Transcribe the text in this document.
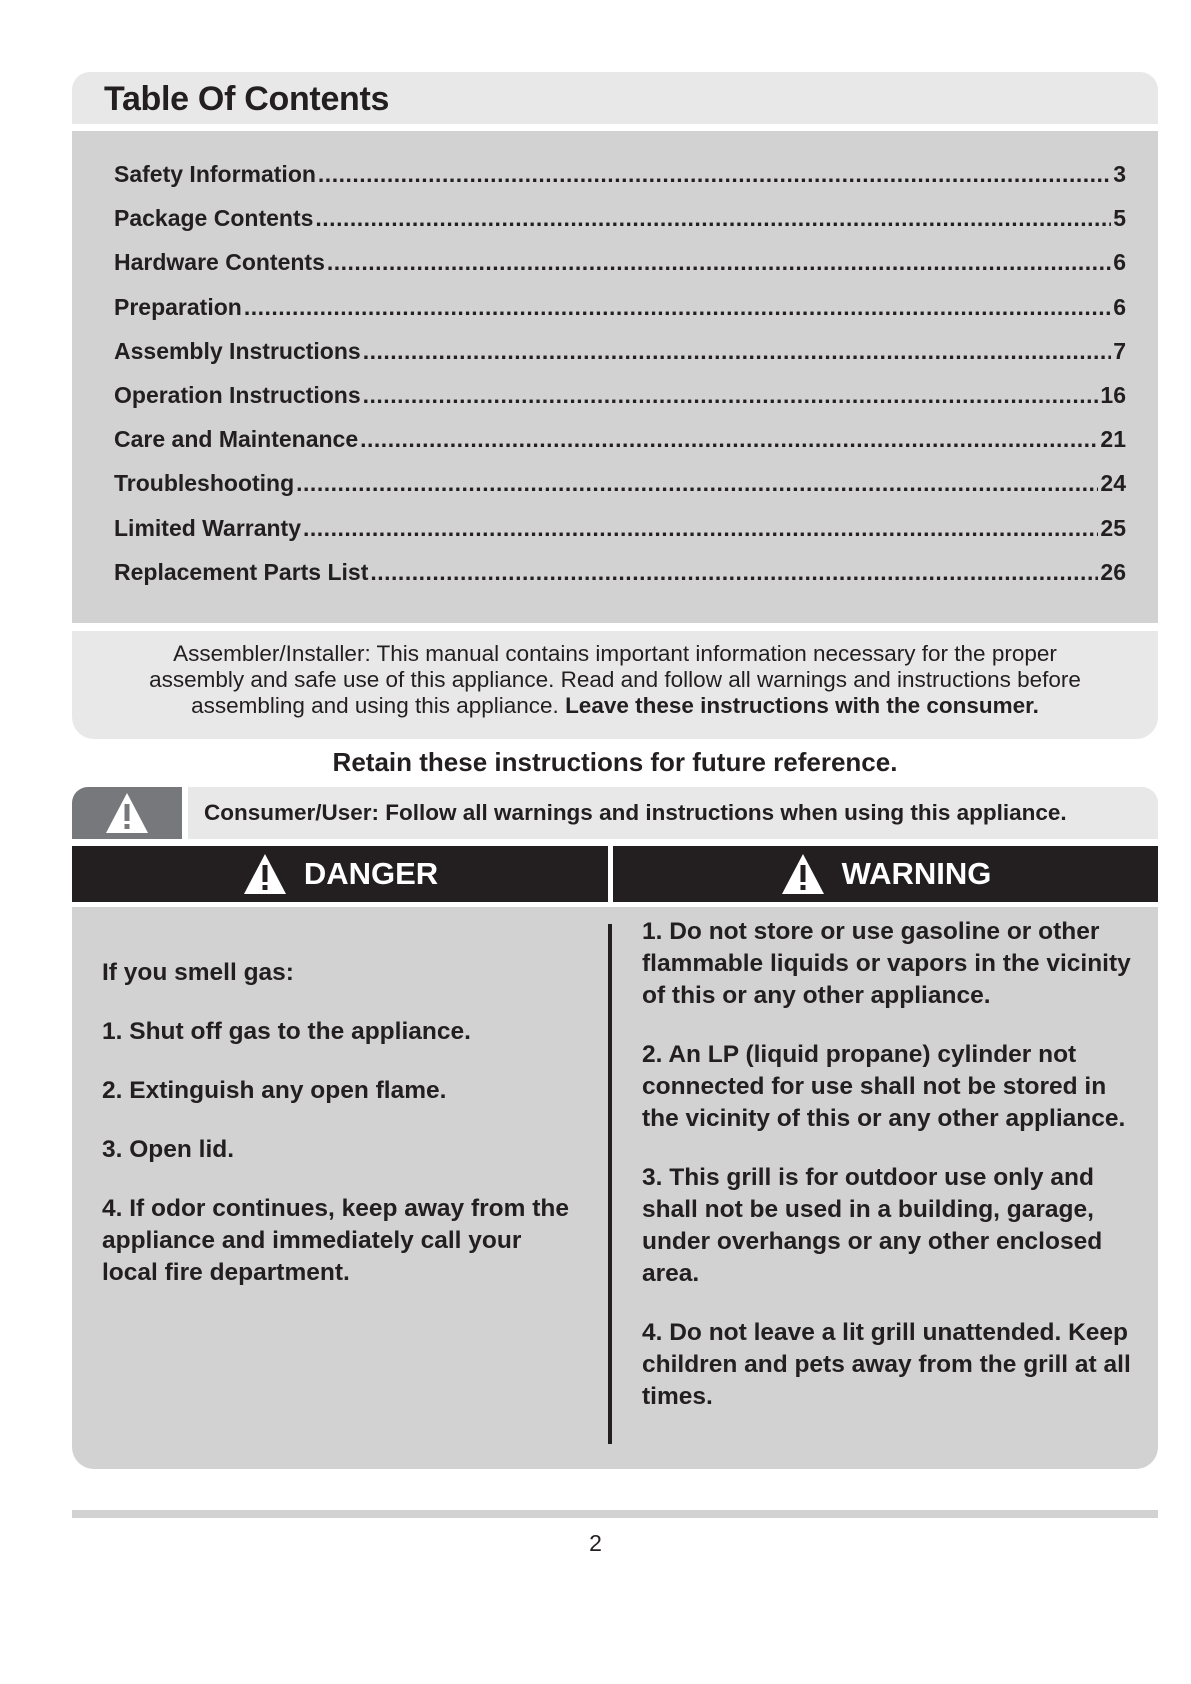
Table Of Contents
Safety Information .....	3
Package Contents .....	5
Hardware Contents .....	6
Preparation .....	6
Assembly Instructions .....	7
Operation Instructions .....	16
Care and Maintenance .....	21
Troubleshooting .....	24
Limited Warranty .....	25
Replacement Parts List .....	26
Assembler/Installer: This manual contains important information necessary for the proper
assembly and safe use of this appliance. Read and follow all warnings and instructions before
assembling and using this appliance. Leave these instructions with the consumer.
Retain these instructions for future reference.
Consumer/User: Follow all warnings and instructions when using this appliance.
DANGER	WARNING

If you smell gas:

1. Shut off gas to the appliance.

2. Extinguish any open flame.

3. Open lid.

4. If odor continues, keep away from the appliance and immediately call your local fire department.

1. Do not store or use gasoline or other flammable liquids or vapors in the vicinity of this or any other appliance.

2. An LP (liquid propane) cylinder not connected for use shall not be stored in the vicinity of this or any other appliance.

3. This grill is for outdoor use only and shall not be used in a building, garage, under overhangs or any other enclosed area.

4. Do not leave a lit grill unattended. Keep children and pets away from the grill at all times.

2
